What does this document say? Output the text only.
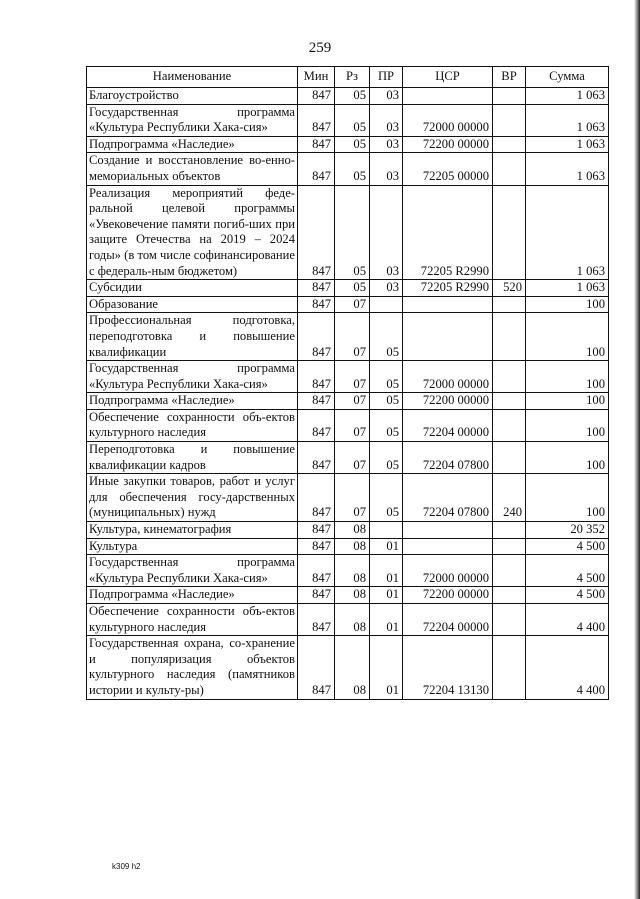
259
Наименование	Мин	Рз	ПР	ЦСР	ВР	Сумма
Благоустройство	847	05	03			1 063
Государственная программа «Культура Республики Хака-сия»	847	05	03	72000 00000		1 063
Подпрограмма «Наследие»	847	05	03	72200 00000		1 063
Создание и восстановление во-енно-мемориальных объектов	847	05	03	72205 00000		1 063
Реализация мероприятий феде-ральной целевой программы «Увековечение памяти погиб-ших при защите Отечества на 2019 – 2024 годы» (в том числе софинансирование с федераль-ным бюджетом)	847	05	03	72205 R2990		1 063
Субсидии	847	05	03	72205 R2990	520	1 063
Образование	847	07				100
Профессиональная подготовка, переподготовка и повышение квалификации	847	07	05			100
Государственная программа «Культура Республики Хака-сия»	847	07	05	72000 00000		100
Подпрограмма «Наследие»	847	07	05	72200 00000		100
Обеспечение сохранности объ-ектов культурного наследия	847	07	05	72204 00000		100
Переподготовка и повышение квалификации кадров	847	07	05	72204 07800		100
Иные закупки товаров, работ и услуг для обеспечения госу-дарственных (муниципальных) нужд	847	07	05	72204 07800	240	100
Культура, кинематография	847	08				20 352
Культура	847	08	01			4 500
Государственная программа «Культура Республики Хака-сия»	847	08	01	72000 00000		4 500
Подпрограмма «Наследие»	847	08	01	72200 00000		4 500
Обеспечение сохранности объ-ектов культурного наследия	847	08	01	72204 00000		4 400
Государственная охрана, со-хранение и популяризация объектов культурного наследия (памятников истории и культу-ры)	847	08	01	72204 13130		4 400
k309 h2
